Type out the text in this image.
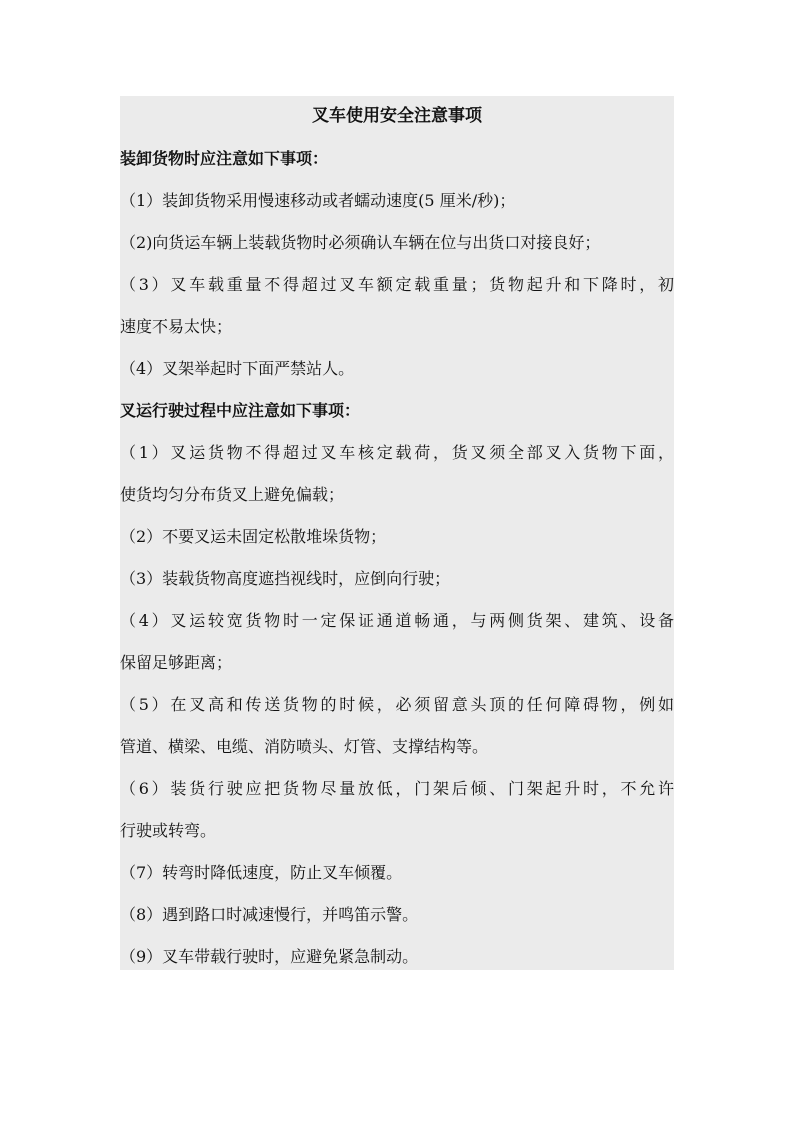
叉车使用安全注意事项
装卸货物时应注意如下事项：
（1）装卸货物采用慢速移动或者蠕动速度(5 厘米/秒)；
（2)向货运车辆上装载货物时必须确认车辆在位与出货口对接良好；
（3）叉车载重量不得超过叉车额定载重量；货物起升和下降时，初
速度不易太快；
（4）叉架举起时下面严禁站人。
叉运行驶过程中应注意如下事项：
（1）叉运货物不得超过叉车核定载荷，货叉须全部叉入货物下面，
使货均匀分布货叉上避免偏载；
（2）不要叉运未固定松散堆垛货物；
（3）装载货物高度遮挡视线时，应倒向行驶；
（4）叉运较宽货物时一定保证通道畅通，与两侧货架、建筑、设备
保留足够距离；
（5）在叉高和传送货物的时候，必须留意头顶的任何障碍物，例如
管道、横梁、电缆、消防喷头、灯管、支撑结构等。
（6）装货行驶应把货物尽量放低，门架后倾、门架起升时，不允许
行驶或转弯。
（7）转弯时降低速度，防止叉车倾覆。
（8）遇到路口时减速慢行，并鸣笛示警。
（9）叉车带载行驶时，应避免紧急制动。
